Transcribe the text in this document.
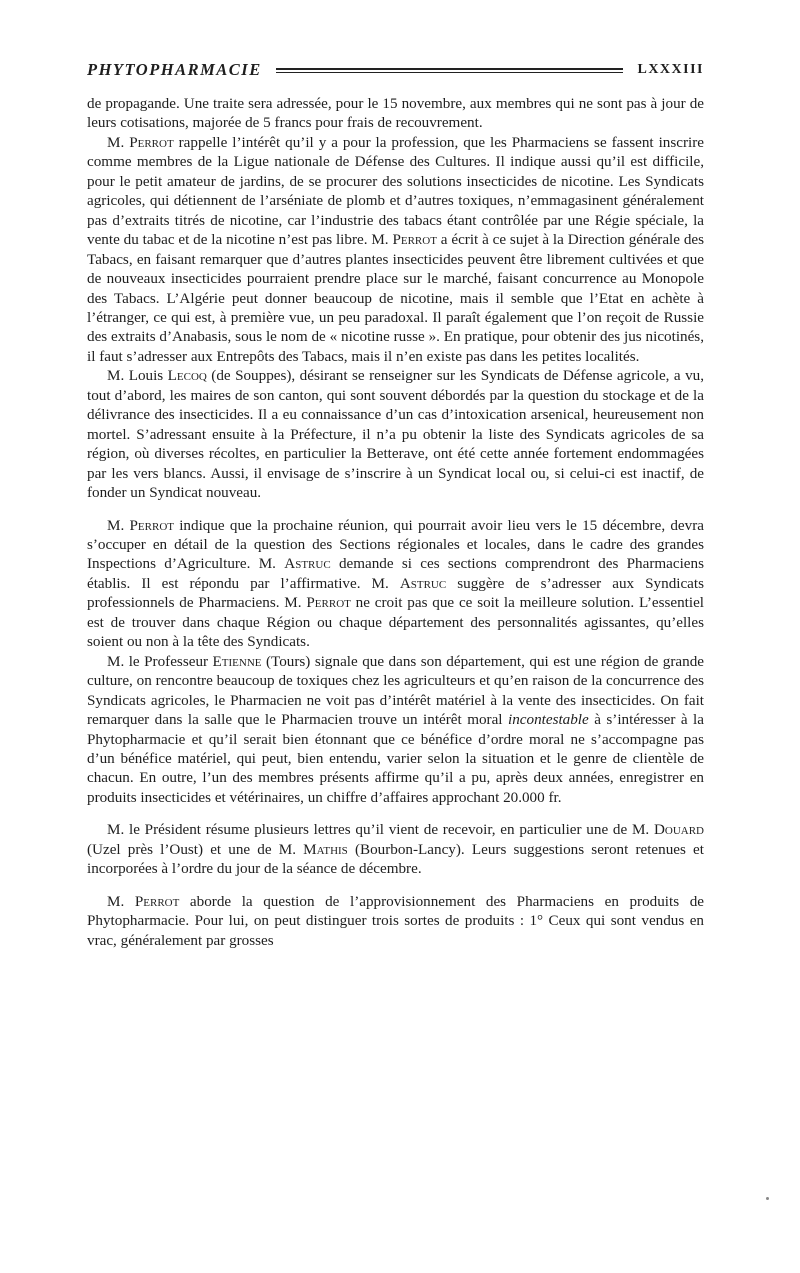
PHYTOPHARMACIE	LXXXIII

de propagande. Une traite sera adressée, pour le 15 novembre, aux membres qui ne sont pas à jour de leurs cotisations, majorée de 5 francs pour frais de recouvrement.

M. Perrot rappelle l’intérêt qu’il y a pour la profession, que les Pharmaciens se fassent inscrire comme membres de la Ligue nationale de Défense des Cultures. Il indique aussi qu’il est difficile, pour le petit amateur de jardins, de se procurer des solutions insecticides de nicotine. Les Syndicats agricoles, qui détiennent de l’arséniate de plomb et d’autres toxiques, n’emmagasinent généralement pas d’extraits titrés de nicotine, car l’industrie des tabacs étant contrôlée par une Régie spéciale, la vente du tabac et de la nicotine n’est pas libre. M. Perrot a écrit à ce sujet à la Direction générale des Tabacs, en faisant remarquer que d’autres plantes insecticides peuvent être librement cultivées et que de nouveaux insecticides pourraient prendre place sur le marché, faisant concurrence au Monopole des Tabacs. L’Algérie peut donner beaucoup de nicotine, mais il semble que l’Etat en achète à l’étranger, ce qui est, à première vue, un peu paradoxal. Il paraît également que l’on reçoit de Russie des extraits d’Anabasis, sous le nom de « nicotine russe ». En pratique, pour obtenir des jus nicotinés, il faut s’adresser aux Entrepôts des Tabacs, mais il n’en existe pas dans les petites localités.

M. Louis Lecoq (de Souppes), désirant se renseigner sur les Syndicats de Défense agricole, a vu, tout d’abord, les maires de son canton, qui sont souvent débordés par la question du stockage et de la délivrance des insecticides. Il a eu connaissance d’un cas d’intoxication arsenical, heureusement non mortel. S’adressant ensuite à la Préfecture, il n’a pu obtenir la liste des Syndicats agricoles de sa région, où diverses récoltes, en particulier la Betterave, ont été cette année fortement endommagées par les vers blancs. Aussi, il envisage de s’inscrire à un Syndicat local ou, si celui-ci est inactif, de fonder un Syndicat nouveau.

M. Perrot indique que la prochaine réunion, qui pourrait avoir lieu vers le 15 décembre, devra s’occuper en détail de la question des Sections régionales et locales, dans le cadre des grandes Inspections d’Agriculture. M. Astruc demande si ces sections comprendront des Pharmaciens établis. Il est répondu par l’affirmative. M. Astruc suggère de s’adresser aux Syndicats professionnels de Pharmaciens. M. Perrot ne croit pas que ce soit la meilleure solution. L’essentiel est de trouver dans chaque Région ou chaque département des personnalités agissantes, qu’elles soient ou non à la tête des Syndicats.

M. le Professeur Etienne (Tours) signale que dans son département, qui est une région de grande culture, on rencontre beaucoup de toxiques chez les agriculteurs et qu’en raison de la concurrence des Syndicats agricoles, le Pharmacien ne voit pas d’intérêt matériel à la vente des insecticides. On fait remarquer dans la salle que le Pharmacien trouve un intérêt moral incontestable à s’intéresser à la Phytopharmacie et qu’il serait bien étonnant que ce bénéfice d’ordre moral ne s’accompagne pas d’un bénéfice matériel, qui peut, bien entendu, varier selon la situation et le genre de clientèle de chacun. En outre, l’un des membres présents affirme qu’il a pu, après deux années, enregistrer en produits insecticides et vétérinaires, un chiffre d’affaires approchant 20.000 fr.

M. le Président résume plusieurs lettres qu’il vient de recevoir, en particulier une de M. Douard (Uzel près l’Oust) et une de M. Mathis (Bourbon-Lancy). Leurs suggestions seront retenues et incorporées à l’ordre du jour de la séance de décembre.

M. Perrot aborde la question de l’approvisionnement des Pharmaciens en produits de Phytopharmacie. Pour lui, on peut distinguer trois sortes de produits : 1° Ceux qui sont vendus en vrac, généralement par grosses
